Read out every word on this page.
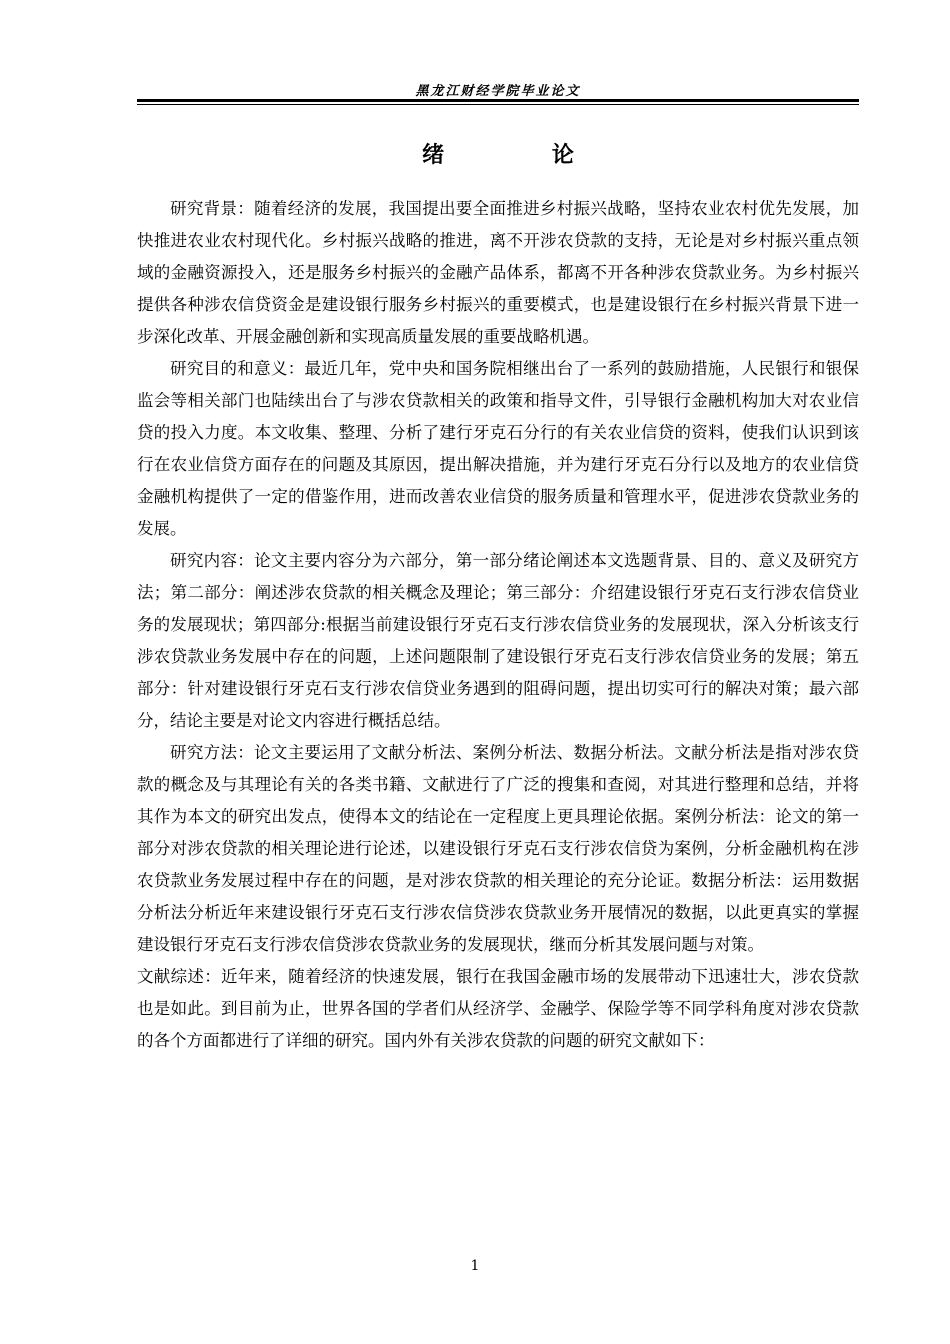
黑龙江财经学院毕业论文
绪 论

研究背景：随着经济的发展，我国提出要全面推进乡村振兴战略，坚持农业农村优先发展，加快推进农业农村现代化。乡村振兴战略的推进，离不开涉农贷款的支持，无论是对乡村振兴重点领域的金融资源投入，还是服务乡村振兴的金融产品体系，都离不开各种涉农贷款业务。为乡村振兴提供各种涉农信贷资金是建设银行服务乡村振兴的重要模式，也是建设银行在乡村振兴背景下进一步深化改革、开展金融创新和实现高质量发展的重要战略机遇。

研究目的和意义：最近几年，党中央和国务院相继出台了一系列的鼓励措施，人民银行和银保监会等相关部门也陆续出台了与涉农贷款相关的政策和指导文件，引导银行金融机构加大对农业信贷的投入力度。本文收集、整理、分析了建行牙克石分行的有关农业信贷的资料，使我们认识到该行在农业信贷方面存在的问题及其原因，提出解决措施，并为建行牙克石分行以及地方的农业信贷金融机构提供了一定的借鉴作用，进而改善农业信贷的服务质量和管理水平，促进涉农贷款业务的发展。

研究内容：论文主要内容分为六部分，第一部分绪论阐述本文选题背景、目的、意义及研究方法；第二部分：阐述涉农贷款的相关概念及理论；第三部分：介绍建设银行牙克石支行涉农信贷业务的发展现状；第四部分:根据当前建设银行牙克石支行涉农信贷业务的发展现状，深入分析该支行涉农贷款业务发展中存在的问题，上述问题限制了建设银行牙克石支行涉农信贷业务的发展；第五部分：针对建设银行牙克石支行涉农信贷业务遇到的阻碍问题，提出切实可行的解决对策；最六部分，结论主要是对论文内容进行概括总结。

研究方法：论文主要运用了文献分析法、案例分析法、数据分析法。文献分析法是指对涉农贷款的概念及与其理论有关的各类书籍、文献进行了广泛的搜集和查阅，对其进行整理和总结，并将其作为本文的研究出发点，使得本文的结论在一定程度上更具理论依据。案例分析法：论文的第一部分对涉农贷款的相关理论进行论述，以建设银行牙克石支行涉农信贷为案例，分析金融机构在涉农贷款业务发展过程中存在的问题，是对涉农贷款的相关理论的充分论证。数据分析法：运用数据分析法分析近年来建设银行牙克石支行涉农信贷涉农贷款业务开展情况的数据，以此更真实的掌握建设银行牙克石支行涉农信贷涉农贷款业务的发展现状，继而分析其发展问题与对策。

文献综述：近年来，随着经济的快速发展，银行在我国金融市场的发展带动下迅速壮大，涉农贷款也是如此。到目前为止，世界各国的学者们从经济学、金融学、保险学等不同学科角度对涉农贷款的各个方面都进行了详细的研究。国内外有关涉农贷款的问题的研究文献如下：

1
